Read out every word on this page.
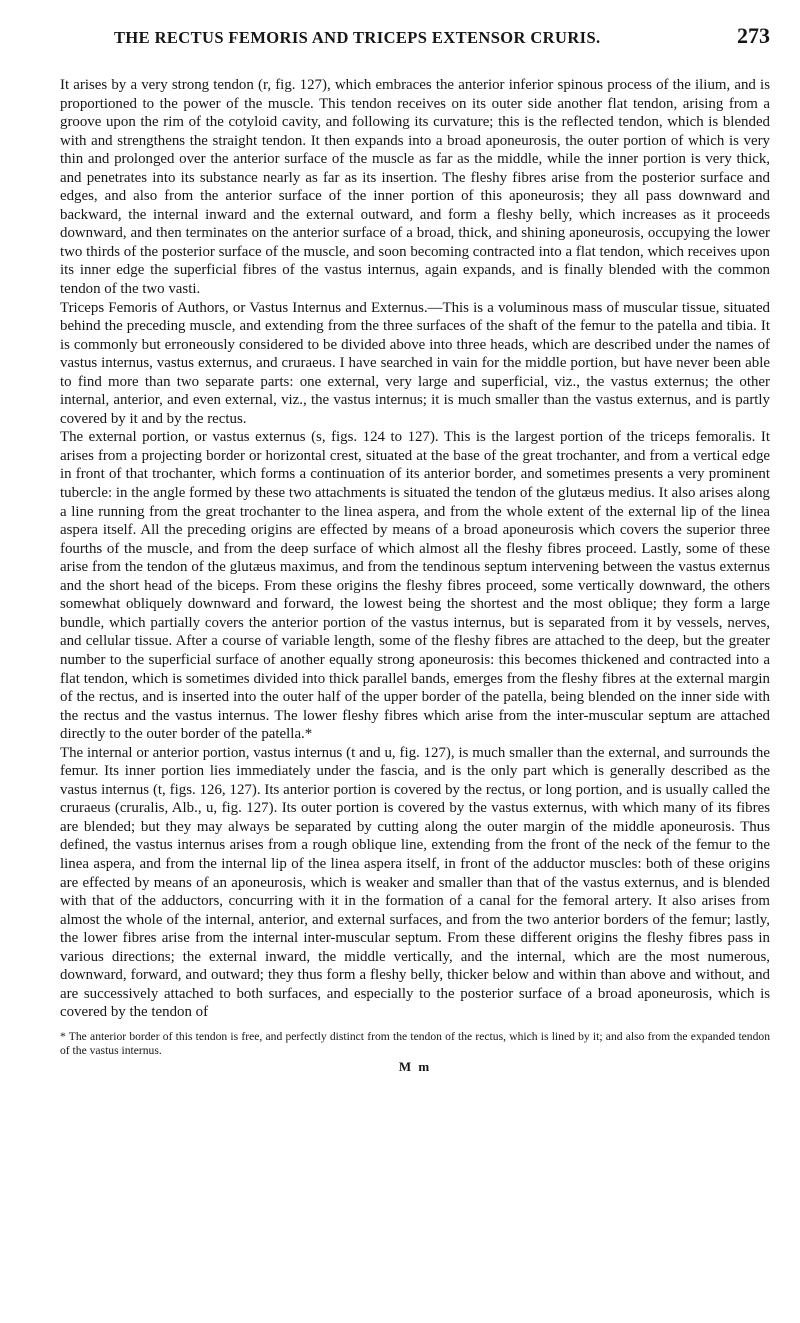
THE RECTUS FEMORIS AND TRICEPS EXTENSOR CRURIS.	273

It arises by a very strong tendon (r, fig. 127), which embraces the anterior inferior spinous process of the ilium, and is proportioned to the power of the muscle. This tendon receives on its outer side another flat tendon, arising from a groove upon the rim of the cotyloid cavity, and following its curvature; this is the reflected tendon, which is blended with and strengthens the straight tendon. It then expands into a broad aponeurosis, the outer portion of which is very thin and prolonged over the anterior surface of the muscle as far as the middle, while the inner portion is very thick, and penetrates into its substance nearly as far as its insertion. The fleshy fibres arise from the posterior surface and edges, and also from the anterior surface of the inner portion of this aponeurosis; they all pass downward and backward, the internal inward and the external outward, and form a fleshy belly, which increases as it proceeds downward, and then terminates on the anterior surface of a broad, thick, and shining aponeurosis, occupying the lower two thirds of the posterior surface of the muscle, and soon becoming contracted into a flat tendon, which receives upon its inner edge the superficial fibres of the vastus internus, again expands, and is finally blended with the common tendon of the two vasti.

Triceps Femoris of Authors, or Vastus Internus and Externus.—This is a voluminous mass of muscular tissue, situated behind the preceding muscle, and extending from the three surfaces of the shaft of the femur to the patella and tibia. It is commonly but erroneously considered to be divided above into three heads, which are described under the names of vastus internus, vastus externus, and cruraeus. I have searched in vain for the middle portion, but have never been able to find more than two separate parts: one external, very large and superficial, viz., the vastus externus; the other internal, anterior, and even external, viz., the vastus internus; it is much smaller than the vastus externus, and is partly covered by it and by the rectus.

The external portion, or vastus externus (s, figs. 124 to 127). This is the largest portion of the triceps femoralis. It arises from a projecting border or horizontal crest, situated at the base of the great trochanter, and from a vertical edge in front of that trochanter, which forms a continuation of its anterior border, and sometimes presents a very prominent tubercle: in the angle formed by these two attachments is situated the tendon of the glutæus medius. It also arises along a line running from the great trochanter to the linea aspera, and from the whole extent of the external lip of the linea aspera itself. All the preceding origins are effected by means of a broad aponeurosis which covers the superior three fourths of the muscle, and from the deep surface of which almost all the fleshy fibres proceed. Lastly, some of these arise from the tendon of the glutæus maximus, and from the tendinous septum intervening between the vastus externus and the short head of the biceps. From these origins the fleshy fibres proceed, some vertically downward, the others somewhat obliquely downward and forward, the lowest being the shortest and the most oblique; they form a large bundle, which partially covers the anterior portion of the vastus internus, but is separated from it by vessels, nerves, and cellular tissue. After a course of variable length, some of the fleshy fibres are attached to the deep, but the greater number to the superficial surface of another equally strong aponeurosis: this becomes thickened and contracted into a flat tendon, which is sometimes divided into thick parallel bands, emerges from the fleshy fibres at the external margin of the rectus, and is inserted into the outer half of the upper border of the patella, being blended on the inner side with the rectus and the vastus internus. The lower fleshy fibres which arise from the inter-muscular septum are attached directly to the outer border of the patella.*

The internal or anterior portion, vastus internus (t and u, fig. 127), is much smaller than the external, and surrounds the femur. Its inner portion lies immediately under the fascia, and is the only part which is generally described as the vastus internus (t, figs. 126, 127). Its anterior portion is covered by the rectus, or long portion, and is usually called the cruraeus (cruralis, Alb., u, fig. 127). Its outer portion is covered by the vastus externus, with which many of its fibres are blended; but they may always be separated by cutting along the outer margin of the middle aponeurosis. Thus defined, the vastus internus arises from a rough oblique line, extending from the front of the neck of the femur to the linea aspera, and from the internal lip of the linea aspera itself, in front of the adductor muscles: both of these origins are effected by means of an aponeurosis, which is weaker and smaller than that of the vastus externus, and is blended with that of the adductors, concurring with it in the formation of a canal for the femoral artery. It also arises from almost the whole of the internal, anterior, and external surfaces, and from the two anterior borders of the femur; lastly, the lower fibres arise from the internal inter-muscular septum. From these different origins the fleshy fibres pass in various directions; the external inward, the middle vertically, and the internal, which are the most numerous, downward, forward, and outward; they thus form a fleshy belly, thicker below and within than above and without, and are successively attached to both surfaces, and especially to the posterior surface of a broad aponeurosis, which is covered by the tendon of

* The anterior border of this tendon is free, and perfectly distinct from the tendon of the rectus, which is lined by it; and also from the expanded tendon of the vastus internus.
M m
